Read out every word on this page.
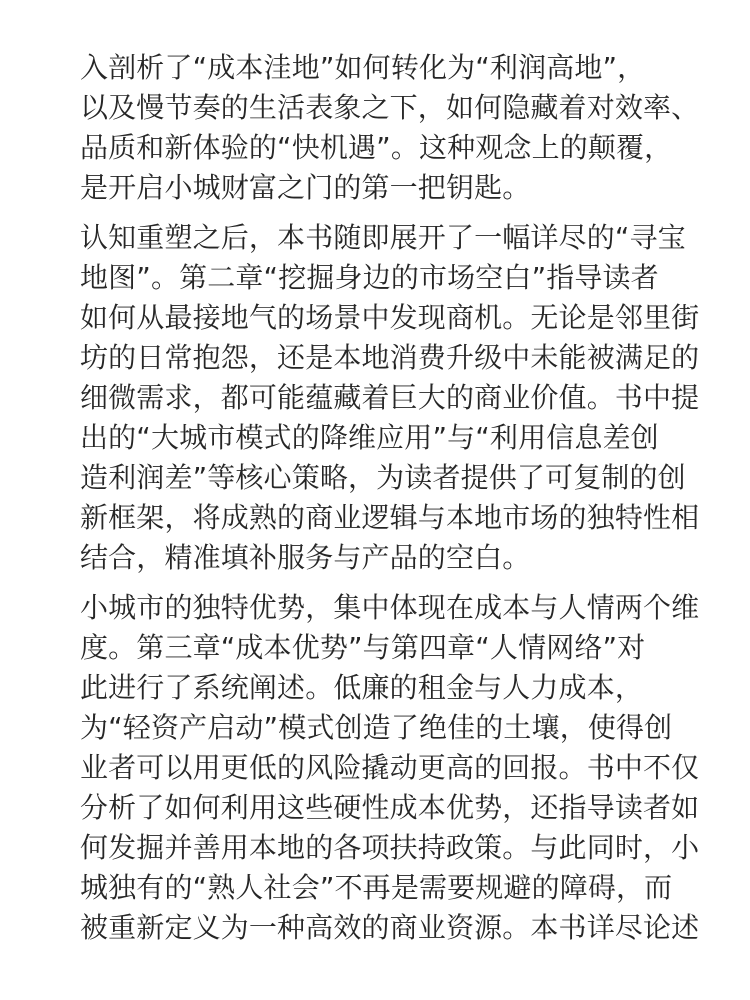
入剖析了“成本洼地”如何转化为“利润高地”，

以及慢节奏的生活表象之下，如何隐藏着对效率、

品质和新体验的“快机遇”。这种观念上的颠覆，

是开启小城财富之门的第一把钥匙。

认知重塑之后，本书随即展开了一幅详尽的“寻宝

地图”。第二章“挖掘身边的市场空白”指导读者

如何从最接地气的场景中发现商机。无论是邻里街

坊的日常抱怨，还是本地消费升级中未能被满足的

细微需求，都可能蕴藏着巨大的商业价值。书中提

出的“大城市模式的降维应用”与“利用信息差创

造利润差”等核心策略，为读者提供了可复制的创

新框架，将成熟的商业逻辑与本地市场的独特性相

结合，精准填补服务与产品的空白。

小城市的独特优势，集中体现在成本与人情两个维

度。第三章“成本优势”与第四章“人情网络”对

此进行了系统阐述。低廉的租金与人力成本，

为“轻资产启动”模式创造了绝佳的土壤，使得创

业者可以用更低的风险撬动更高的回报。书中不仅

分析了如何利用这些硬性成本优势，还指导读者如

何发掘并善用本地的各项扶持政策。与此同时，小

城独有的“熟人社会”不再是需要规避的障碍，而

被重新定义为一种高效的商业资源。本书详尽论述
